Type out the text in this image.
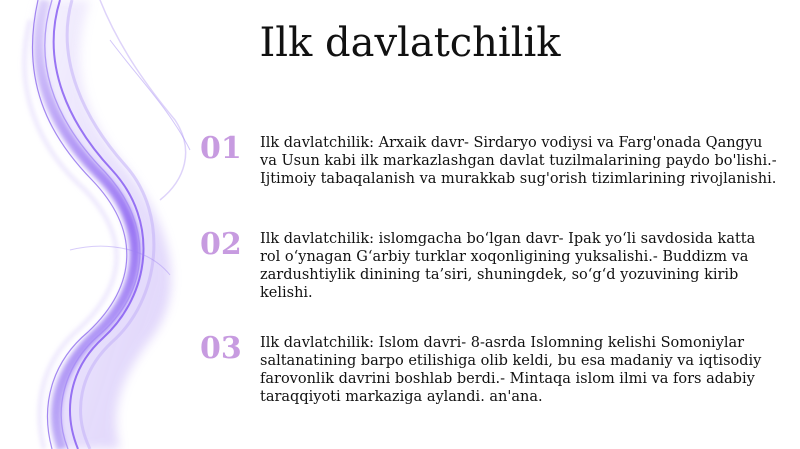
Ilk davlatchilik
01	Ilk davlatchilik: Arxaik davr- Sirdaryo vodiysi va Farg'onada Qangyu va Usun kabi ilk markazlashgan davlat tuzilmalarining paydo bo'lishi.- Ijtimoiy tabaqalanish va murakkab sug'orish tizimlarining rivojlanishi.
02	Ilk davlatchilik: islomgacha bo‘lgan davr- Ipak yo‘li savdosida katta rol o‘ynagan G‘arbiy turklar xoqonligining yuksalishi.- Buddizm va zardushtiylik dinining ta’siri, shuningdek, so‘g‘d yozuvining kirib kelishi.
03	Ilk davlatchilik: Islom davri- 8-asrda Islomning kelishi Somoniylar saltanatining barpo etilishiga olib keldi, bu esa madaniy va iqtisodiy farovonlik davrini boshlab berdi.- Mintaqa islom ilmi va fors adabiy taraqqiyoti markaziga aylandi. an'ana.
